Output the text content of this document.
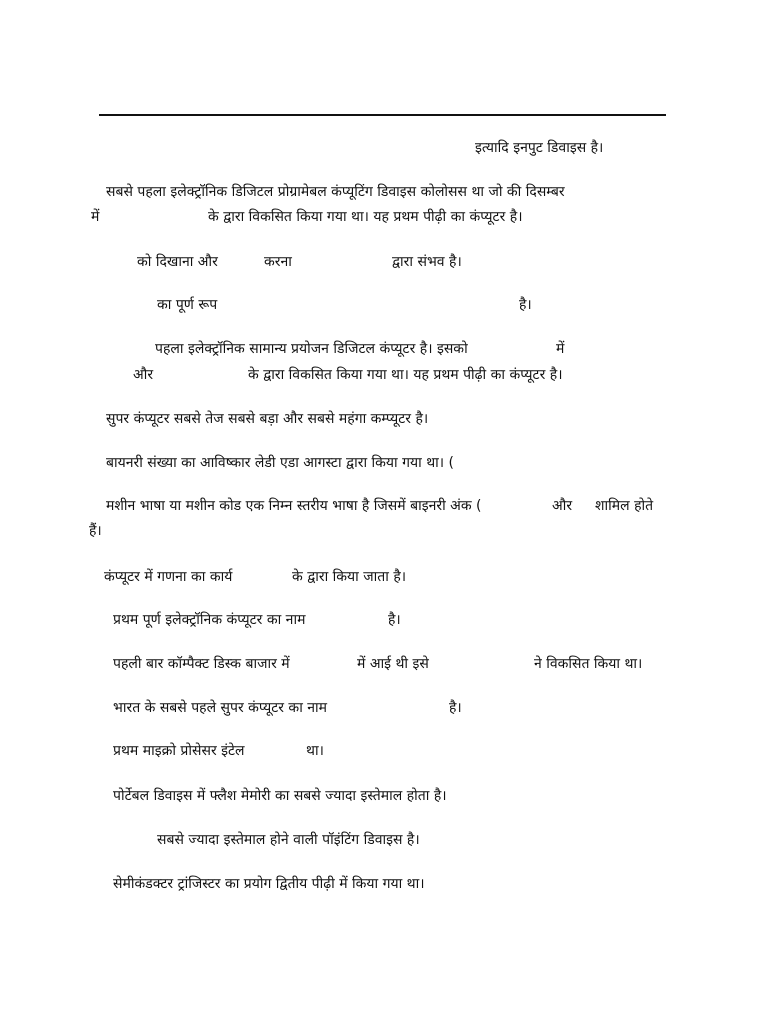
इत्यादि इनपुट डिवाइस है।
सबसे पहला इलेक्ट्रॉनिक डिजिटल प्रोग्रामेबल कंप्यूटिंग डिवाइस कोलोसस था जो की दिसम्बर
में	के द्वारा विकसित किया गया था। यह प्रथम पीढ़ी का कंप्यूटर है।
को दिखाना और	करना	द्वारा संभव है।
का पूर्ण रूप	है।
पहला इलेक्ट्रॉनिक सामान्य प्रयोजन डिजिटल कंप्यूटर है। इसको	में
और	के द्वारा विकसित किया गया था। यह प्रथम पीढ़ी का कंप्यूटर है।
सुपर कंप्यूटर सबसे तेज सबसे बड़ा और सबसे महंगा कम्प्यूटर है।
बायनरी संख्या का आविष्कार लेडी एडा आगस्टा द्वारा किया गया था। (
मशीन भाषा या मशीन कोड एक निम्न स्तरीय भाषा है जिसमें बाइनरी अंक (	और शामिल होते
हैं।
कंप्यूटर में गणना का कार्य	के द्वारा किया जाता है।
प्रथम पूर्ण इलेक्ट्रॉनिक कंप्यूटर का नाम	है।
पहली बार कॉम्पैक्ट डिस्क बाजार में	में आई थी इसे	ने विकसित किया था।
भारत के सबसे पहले सुपर कंप्यूटर का नाम	है।
प्रथम माइक्रो प्रोसेसर इंटेल	था।
पोर्टेबल डिवाइस में फ्लैश मेमोरी का सबसे ज्यादा इस्तेमाल होता है।
सबसे ज्यादा इस्तेमाल होने वाली पॉइंटिंग डिवाइस है।
सेमीकंडक्टर ट्रांजिस्टर का प्रयोग द्वितीय पीढ़ी में किया गया था।
